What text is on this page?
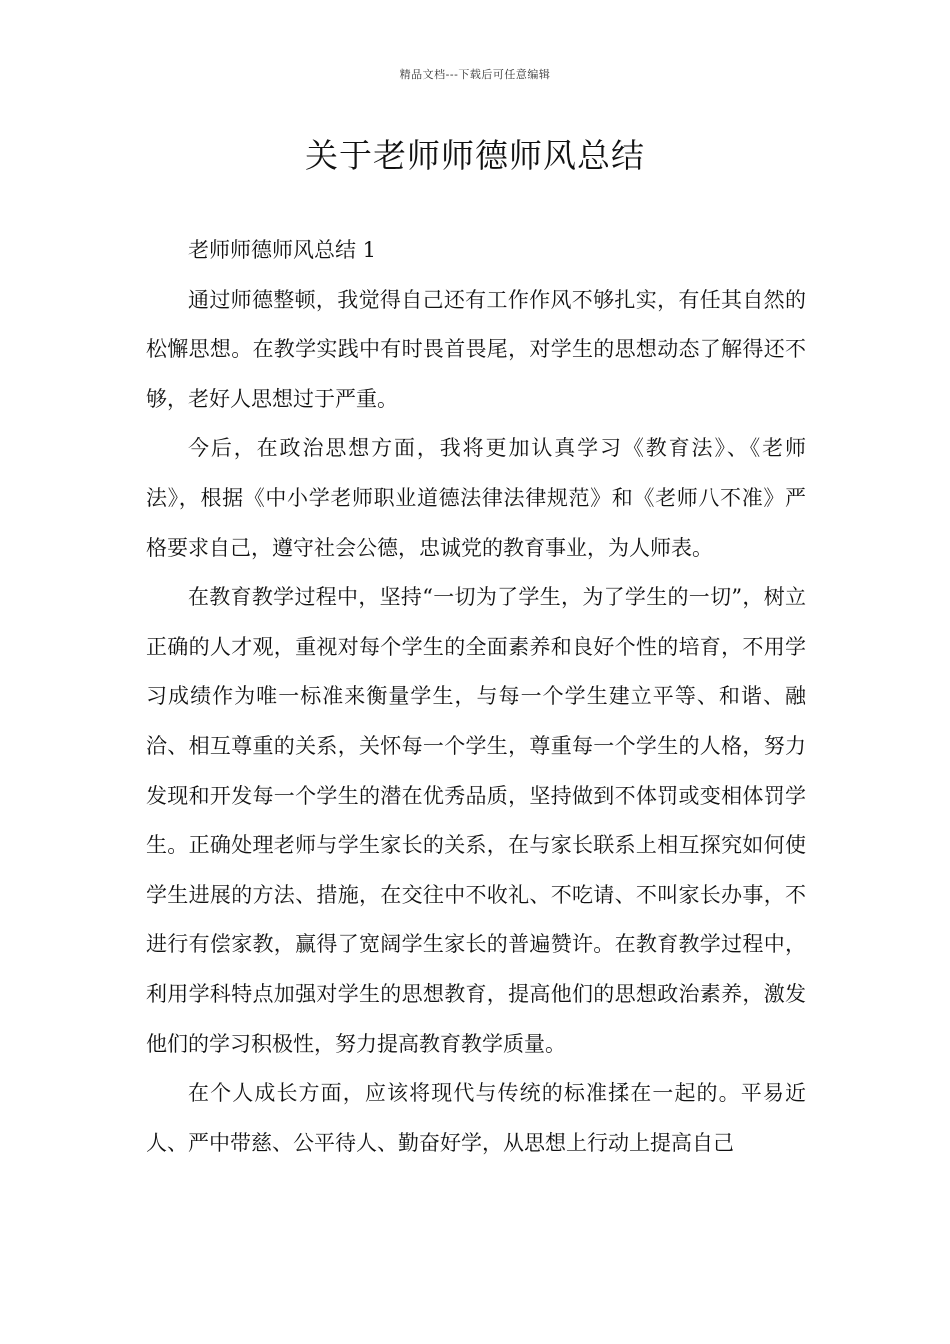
精品文档---下载后可任意编辑
关于老师师德师风总结

老师师德师风总结 1

通过师德整顿，我觉得自己还有工作作风不够扎实，有任其自然的松懈思想。在教学实践中有时畏首畏尾，对学生的思想动态了解得还不够，老好人思想过于严重。

今后，在政治思想方面，我将更加认真学习《教育法》、《老师法》，根据《中小学老师职业道德法律法律规范》和《老师八不准》严格要求自己，遵守社会公德，忠诚党的教育事业，为人师表。

在教育教学过程中，坚持“一切为了学生，为了学生的一切”，树立正确的人才观，重视对每个学生的全面素养和良好个性的培育，不用学习成绩作为唯一标准来衡量学生，与每一个学生建立平等、和谐、融洽、相互尊重的关系，关怀每一个学生，尊重每一个学生的人格，努力发现和开发每一个学生的潜在优秀品质，坚持做到不体罚或变相体罚学生。正确处理老师与学生家长的关系，在与家长联系上相互探究如何使学生进展的方法、措施，在交往中不收礼、不吃请、不叫家长办事，不进行有偿家教，赢得了宽阔学生家长的普遍赞许。在教育教学过程中，利用学科特点加强对学生的思想教育，提高他们的思想政治素养，激发他们的学习积极性，努力提高教育教学质量。

在个人成长方面，应该将现代与传统的标准揉在一起的。平易近人、严中带慈、公平待人、勤奋好学，从思想上行动上提高自己
